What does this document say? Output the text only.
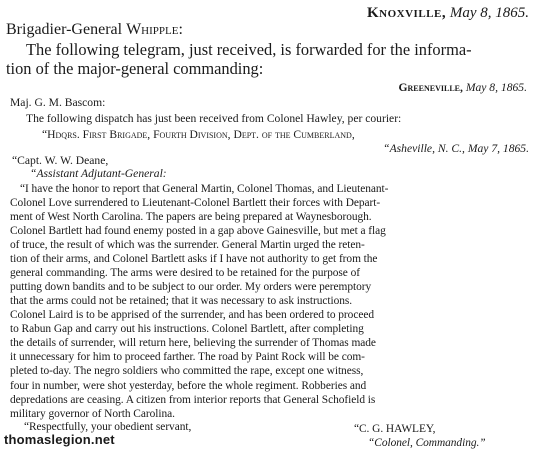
Knoxville, May 8, 1865.
Brigadier-General Whipple:
The following telegram, just received, is forwarded for the informa-
tion of the major-general commanding:
Greeneville, May 8, 1865.
Maj. G. M. Bascom:
The following dispatch has just been received from Colonel Hawley, per courier:
“Hdqrs. First Brigade, Fourth Division, Dept. of the Cumberland,
“Asheville, N. C., May 7, 1865.
“Capt. W. W. Deane,
“Assistant Adjutant-General:
“I have the honor to report that General Martin, Colonel Thomas, and Lieutenant-
Colonel Love surrendered to Lieutenant-Colonel Bartlett their forces with Depart-
ment of West North Carolina. The papers are being prepared at Waynesborough.
Colonel Bartlett had found enemy posted in a gap above Gainesville, but met a flag
of truce, the result of which was the surrender. General Martin urged the reten-
tion of their arms, and Colonel Bartlett asks if I have not authority to get from the
general commanding. The arms were desired to be retained for the purpose of
putting down bandits and to be subject to our order. My orders were peremptory
that the arms could not be retained; that it was necessary to ask instructions.
Colonel Laird is to be apprised of the surrender, and has been ordered to proceed
to Rabun Gap and carry out his instructions. Colonel Bartlett, after completing
the details of surrender, will return here, believing the surrender of Thomas made
it unnecessary for him to proceed farther. The road by Paint Rock will be com-
pleted to-day. The negro soldiers who committed the rape, except one witness,
four in number, were shot yesterday, before the whole regiment. Robberies and
depredations are ceasing. A citizen from interior reports that General Schofield is
military governor of North Carolina.
“Respectfully, your obedient servant,	“C. G. HAWLEY,
“Colonel, Commanding.”
thomaslegion.net
